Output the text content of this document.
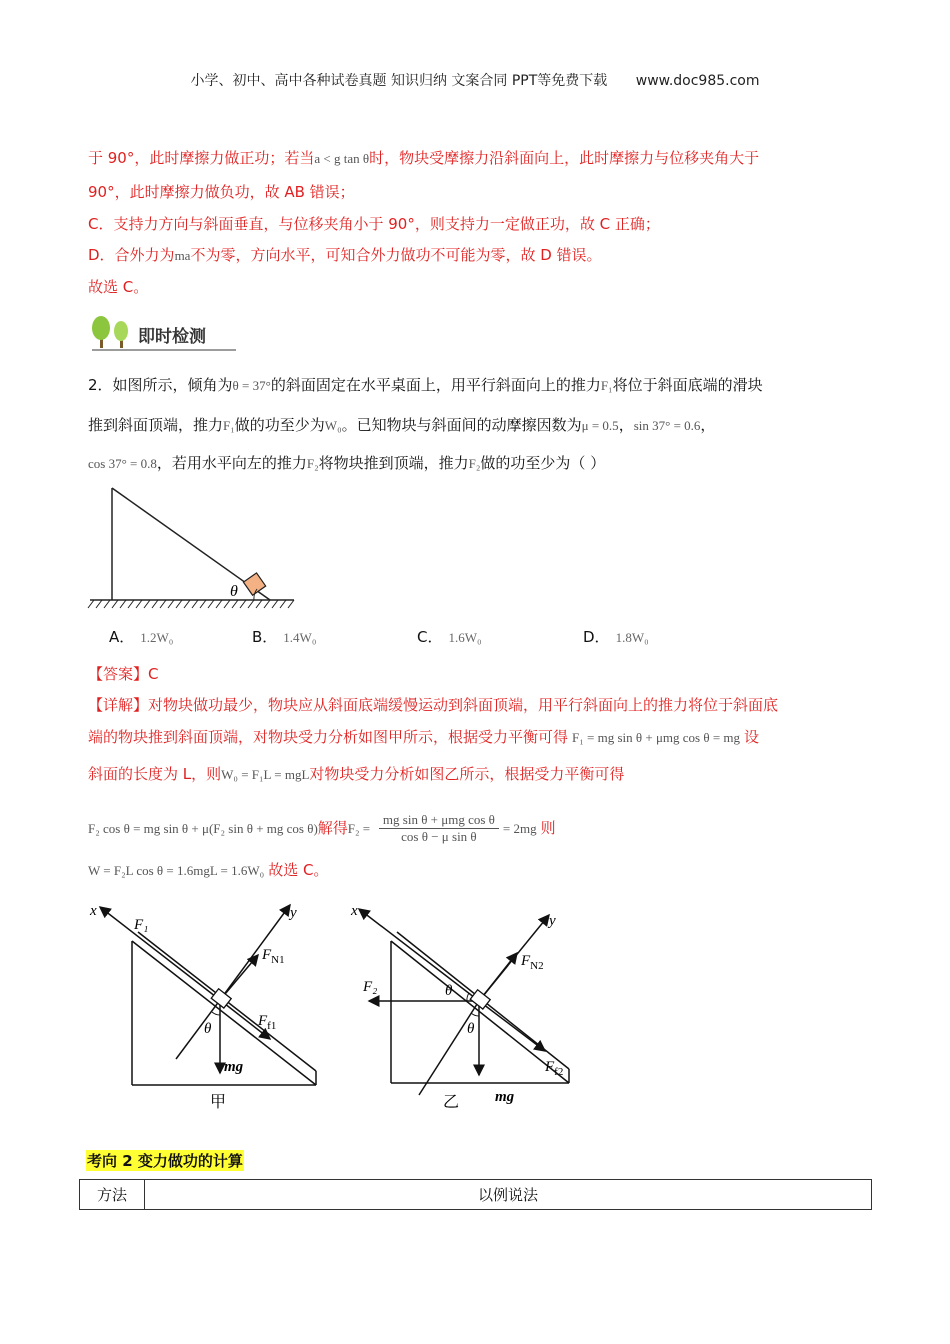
小学、初中、高中各种试卷真题 知识归纳 文案合同 PPT等免费下载 www.doc985.com
于 90°，此时摩擦力做正功；若当a < g tan θ时，物块受摩擦力沿斜面向上，此时摩擦力与位移夹角大于
90°，此时摩擦力做负功，故 AB 错误；
C．支持力方向与斜面垂直，与位移夹角小于 90°，则支持力一定做正功，故 C 正确；
D．合外力为ma不为零，方向水平，可知合外力做功不可能为零，故 D 错误。
故选 C。
即时检测
2．如图所示，倾角为θ = 37°的斜面固定在水平桌面上，用平行斜面向上的推力F₁将位于斜面底端的滑块
推到斜面顶端，推力F₁做的功至少为W₀。已知物块与斜面间的动摩擦因数为μ = 0.5，sin 37° = 0.6，
cos 37° = 0.8，若用水平向左的推力F₂将物块推到顶端，推力F₂做的功至少为（ ）
θ
A． 1.2W₀	B． 1.4W₀	C． 1.6W₀	D． 1.8W₀
【答案】C
【详解】对物块做功最少，物块应从斜面底端缓慢运动到斜面顶端，用平行斜面向上的推力将位于斜面底
端的物块推到斜面顶端，对物块受力分析如图甲所示，根据受力平衡可得 F₁ = mg sin θ + μmg cos θ = mg 设
斜面的长度为 L，则W₀ = F₁L = mgL对物块受力分析如图乙所示，根据受力平衡可得
F₂ cos θ = mg sin θ + μ(F₂ sin θ + mg cos θ)解得F₂ =
mg sin θ + μmg cos θ
cos θ − μ sin θ
= 2mg 则
W = F₂L cos θ = 1.6mgL = 1.6W₀ 故选 C。
x	y
F₁
$F_{N1}$
$F_{f1}$
θ
mg
甲
x
y
F₂
$F_{N2}$
$F_{f2}$
θ
θ
mg
乙
考向 2 变力做功的计算
方法	以例说法
